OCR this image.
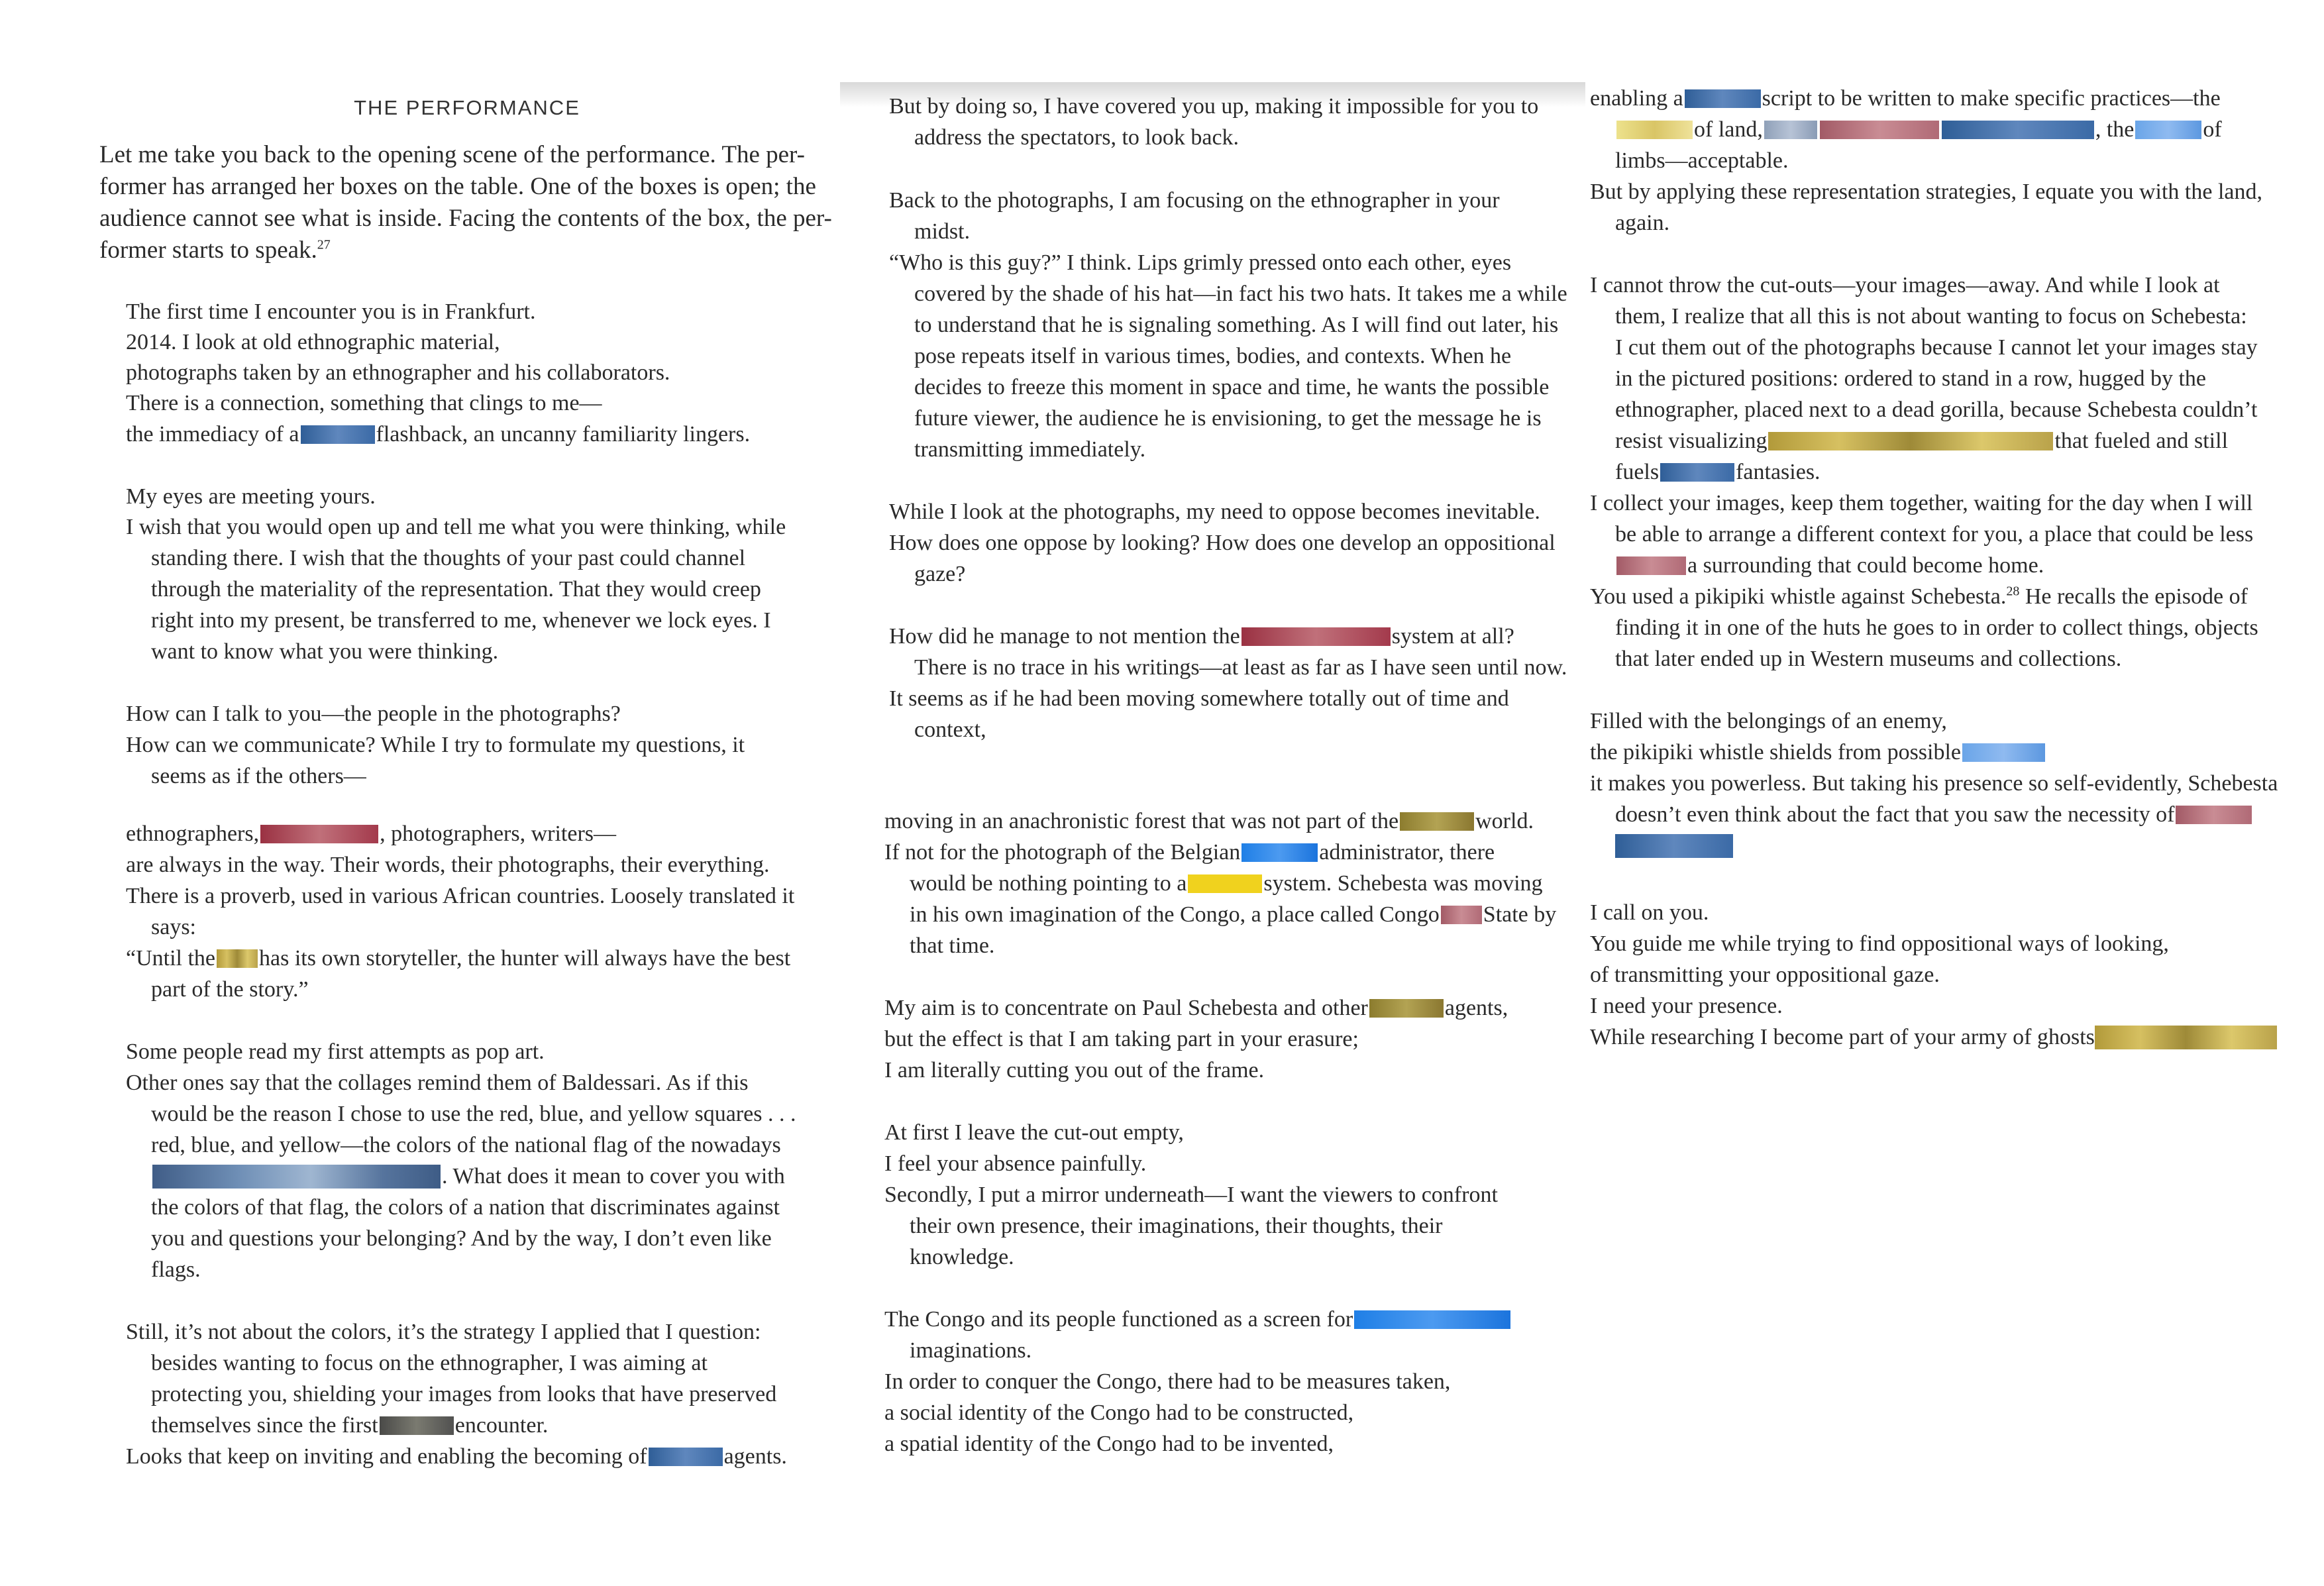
THE PERFORMANCE
Let me take you back to the opening scene of the performance. The per-
former has arranged her boxes on the table. One of the boxes is open; the
audience cannot see what is inside. Facing the contents of the box, the per-
former starts to speak.$^{27}$
The first time I encounter you is in Frankfurt.
2014. I look at old ethnographic material,
photographs taken by an ethnographer and his collaborators.
There is a connection, something that clings to me—
the immediacy of a	flashback, an uncanny familiarity lingers.
My eyes are meeting yours.
I wish that you would open up and tell me what you were thinking, while
standing there. I wish that the thoughts of your past could channel
through the materiality of the representation. That they would creep
right into my present, be transferred to me, whenever we lock eyes. I
want to know what you were thinking.
How can I talk to you—the people in the photographs?
How can we communicate? While I try to formulate my questions, it
seems as if the others—
ethnographers,	, photographers, writers—
are always in the way. Their words, their photographs, their everything.
There is a proverb, used in various African countries. Loosely translated it
says:
“Until the has its own storyteller, the hunter will always have the best
part of the story.”
Some people read my first attempts as pop art.
Other ones say that the collages remind them of Baldessari. As if this
would be the reason I chose to use the red, blue, and yellow squares . . .
red, blue, and yellow—the colors of the national flag of the nowadays
. What does it mean to cover you with
the colors of that flag, the colors of a nation that discriminates against
you and questions your belonging? And by the way, I don’t even like
flags.
Still, it’s not about the colors, it’s the strategy I applied that I question:
besides wanting to focus on the ethnographer, I was aiming at
protecting you, shielding your images from looks that have preserved
themselves since the first	encounter.
Looks that keep on inviting and enabling the becoming of	agents.
But by doing so, I have covered you up, making it impossible for you to
address the spectators, to look back.
Back to the photographs, I am focusing on the ethnographer in your
midst.
“Who is this guy?” I think. Lips grimly pressed onto each other, eyes
covered by the shade of his hat—in fact his two hats. It takes me a while
to understand that he is signaling something. As I will find out later, his
pose repeats itself in various times, bodies, and contexts. When he
decides to freeze this moment in space and time, he wants the possible
future viewer, the audience he is envisioning, to get the message he is
transmitting immediately.
While I look at the photographs, my need to oppose becomes inevitable.
How does one oppose by looking? How does one develop an oppositional
gaze?
How did he manage to not mention the	system at all?
There is no trace in his writings—at least as far as I have seen until now.
It seems as if he had been moving somewhere totally out of time and
context,
moving in an anachronistic forest that was not part of the	world.
If not for the photograph of the Belgian	administrator, there
would be nothing pointing to a	system. Schebesta was moving
in his own imagination of the Congo, a place called Congo State by
that time.
My aim is to concentrate on Paul Schebesta and other	agents,
but the effect is that I am taking part in your erasure;
I am literally cutting you out of the frame.
At first I leave the cut-out empty,
I feel your absence painfully.
Secondly, I put a mirror underneath—I want the viewers to confront
their own presence, their imaginations, their thoughts, their
knowledge.
The Congo and its people functioned as a screen for
imaginations.
In order to conquer the Congo, there had to be measures taken,
a social identity of the Congo had to be constructed,
a spatial identity of the Congo had to be invented,
enabling a	script to be written to make specific practices—the
of land,	, the	of
limbs—acceptable.
But by applying these representation strategies, I equate you with the land,
again.
I cannot throw the cut-outs—your images—away. And while I look at
them, I realize that all this is not about wanting to focus on Schebesta:
I cut them out of the photographs because I cannot let your images stay
in the pictured positions: ordered to stand in a row, hugged by the
ethnographer, placed next to a dead gorilla, because Schebesta couldn’t
resist visualizing	that fueled and still
fuels	fantasies.
I collect your images, keep them together, waiting for the day when I will
be able to arrange a different context for you, a place that could be less
a surrounding that could become home.
You used a pikipiki whistle against Schebesta.$^{28}$ He recalls the episode of
finding it in one of the huts he goes to in order to collect things, objects
that later ended up in Western museums and collections.
Filled with the belongings of an enemy,
the pikipiki whistle shields from possible
it makes you powerless. But taking his presence so self-evidently, Schebesta
doesn’t even think about the fact that you saw the necessity of
I call on you.
You guide me while trying to find oppositional ways of looking,
of transmitting your oppositional gaze.
I need your presence.
While researching I become part of your army of ghosts
